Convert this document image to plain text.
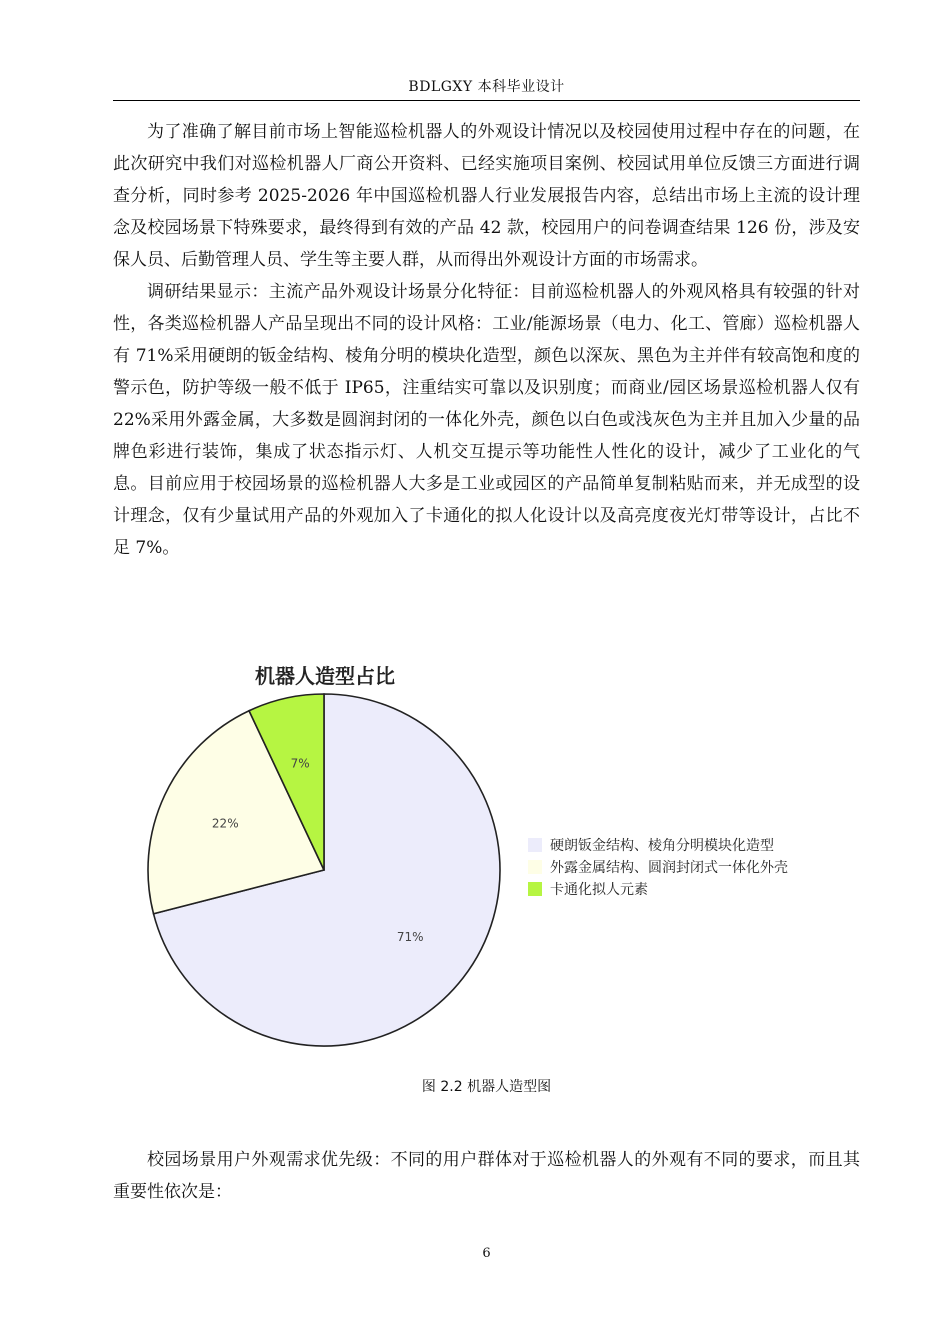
BDLGXY 本科毕业设计

为了准确了解目前市场上智能巡检机器人的外观设计情况以及校园使用过程中存在的问题，在此次研究中我们对巡检机器人厂商公开资料、已经实施项目案例、校园试用单位反馈三方面进行调查分析，同时参考 2025-2026 年中国巡检机器人行业发展报告内容，总结出市场上主流的设计理念及校园场景下特殊要求，最终得到有效的产品 42 款，校园用户的问卷调查结果 126 份，涉及安保人员、后勤管理人员、学生等主要人群，从而得出外观设计方面的市场需求。

调研结果显示：主流产品外观设计场景分化特征：目前巡检机器人的外观风格具有较强的针对性，各类巡检机器人产品呈现出不同的设计风格：工业/能源场景（电力、化工、管廊）巡检机器人有 71%采用硬朗的钣金结构、棱角分明的模块化造型，颜色以深灰、黑色为主并伴有较高饱和度的警示色，防护等级一般不低于 IP65，注重结实可靠以及识别度；而商业/园区场景巡检机器人仅有 22%采用外露金属，大多数是圆润封闭的一体化外壳，颜色以白色或浅灰色为主并且加入少量的品牌色彩进行装饰，集成了状态指示灯、人机交互提示等功能性人性化的设计，减少了工业化的气息。目前应用于校园场景的巡检机器人大多是工业或园区的产品简单复制粘贴而来，并无成型的设计理念，仅有少量试用产品的外观加入了卡通化的拟人化设计以及高亮度夜光灯带等设计，占比不足 7%。

机器人造型占比
71%
22%
7%
硬朗钣金结构、棱角分明模块化造型
外露金属结构、圆润封闭式一体化外壳
卡通化拟人元素
图 2.2 机器人造型图

校园场景用户外观需求优先级：不同的用户群体对于巡检机器人的外观有不同的要求，而且其重要性依次是：

6
